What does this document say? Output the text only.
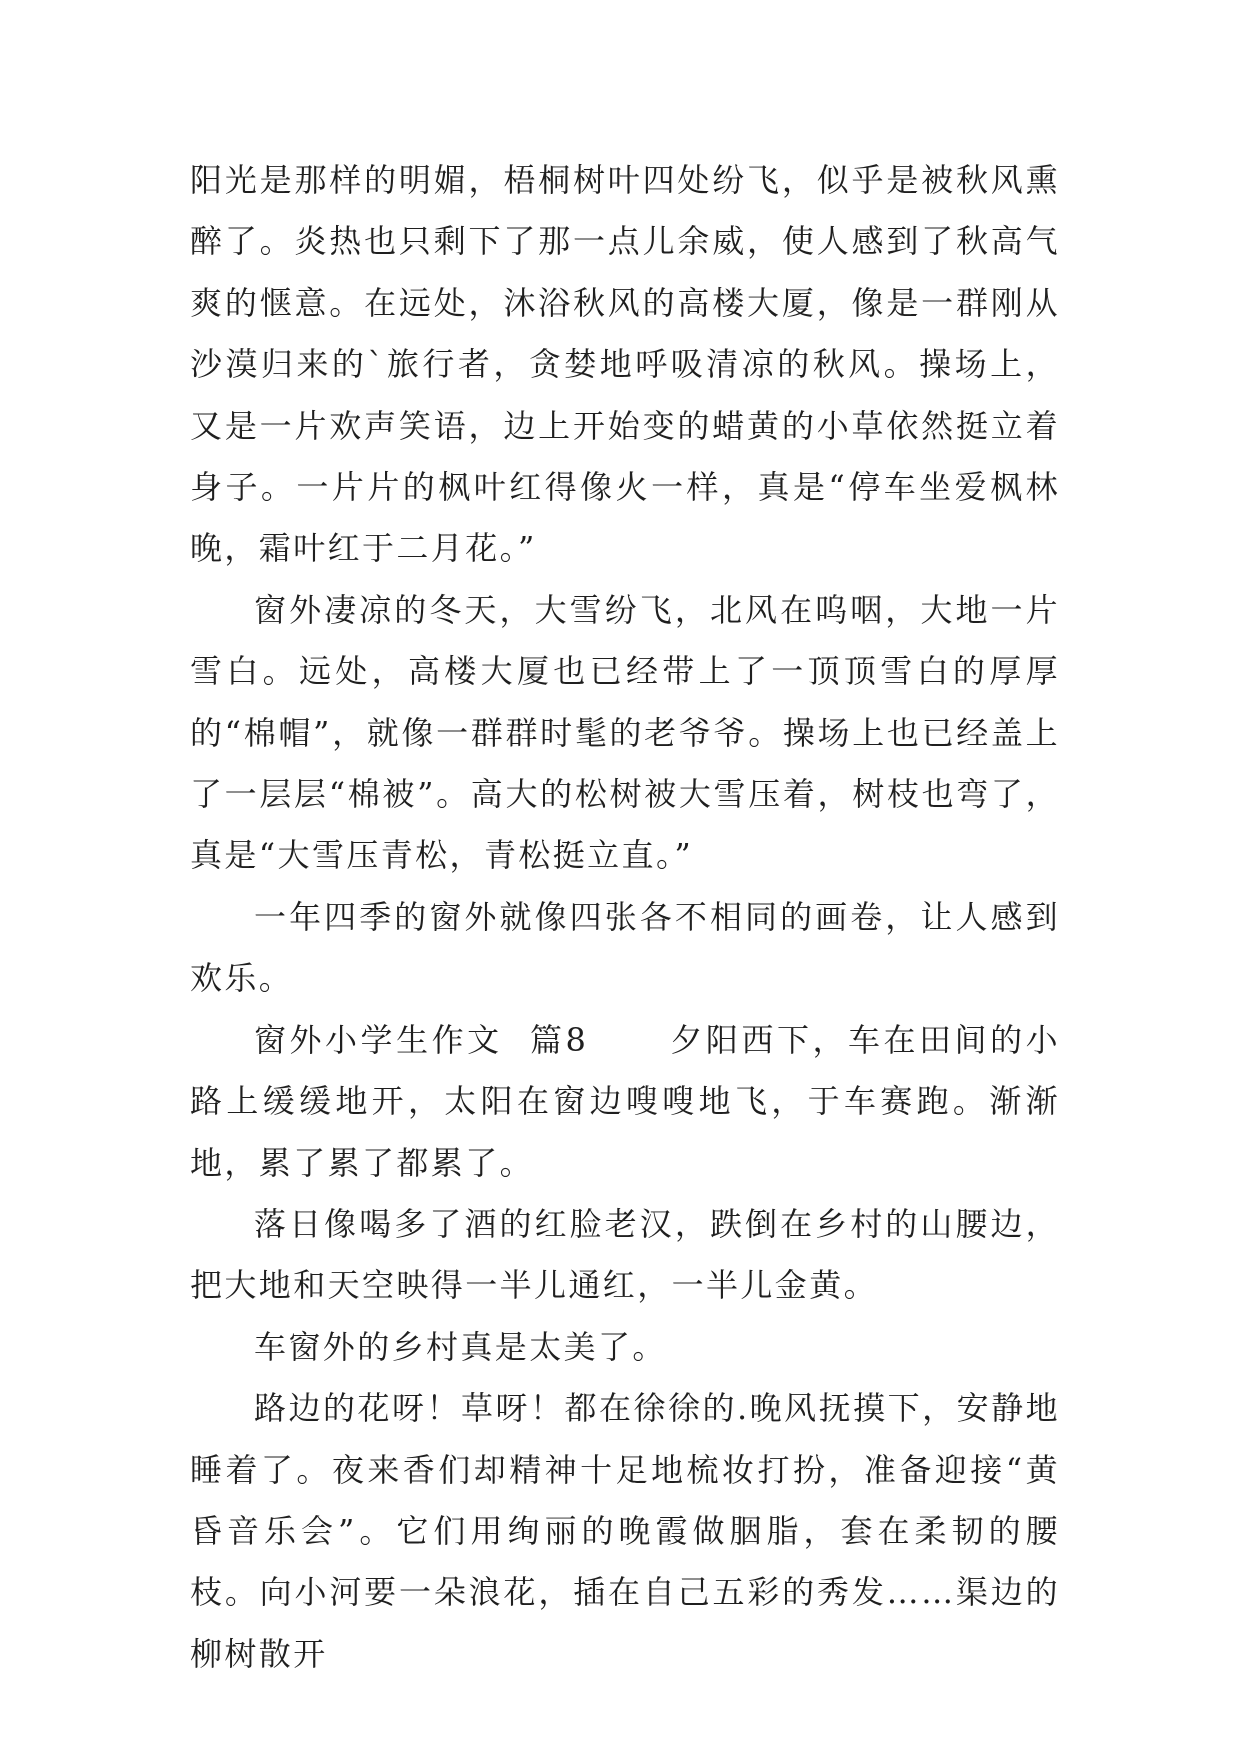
阳光是那样的明媚，梧桐树叶四处纷飞，似乎是被秋风熏醉了。炎热也只剩下了那一点儿余威，使人感到了秋高气爽的惬意。在远处，沐浴秋风的高楼大厦，像是一群刚从沙漠归来的`旅行者，贪婪地呼吸清凉的秋风。操场上，又是一片欢声笑语，边上开始变的蜡黄的小草依然挺立着身子。一片片的枫叶红得像火一样，真是“停车坐爱枫林晚，霜叶红于二月花。”

窗外凄凉的冬天，大雪纷飞，北风在呜咽，大地一片雪白。远处，高楼大厦也已经带上了一顶顶雪白的厚厚的“棉帽”，就像一群群时髦的老爷爷。操场上也已经盖上了一层层“棉被”。高大的松树被大雪压着，树枝也弯了，真是“大雪压青松，青松挺立直。”

一年四季的窗外就像四张各不相同的画卷，让人感到欢乐。

窗外小学生作文  篇8      夕阳西下，车在田间的小路上缓缓地开，太阳在窗边嗖嗖地飞，于车赛跑。渐渐地，累了累了都累了。

落日像喝多了酒的红脸老汉，跌倒在乡村的山腰边，把大地和天空映得一半儿通红，一半儿金黄。

车窗外的乡村真是太美了。

路边的花呀！草呀！都在徐徐的.晚风抚摸下，安静地睡着了。夜来香们却精神十足地梳妆打扮，准备迎接“黄昏音乐会”。它们用绚丽的晚霞做胭脂，套在柔韧的腰枝。向小河要一朵浪花，插在自己五彩的秀发……渠边的柳树散开
